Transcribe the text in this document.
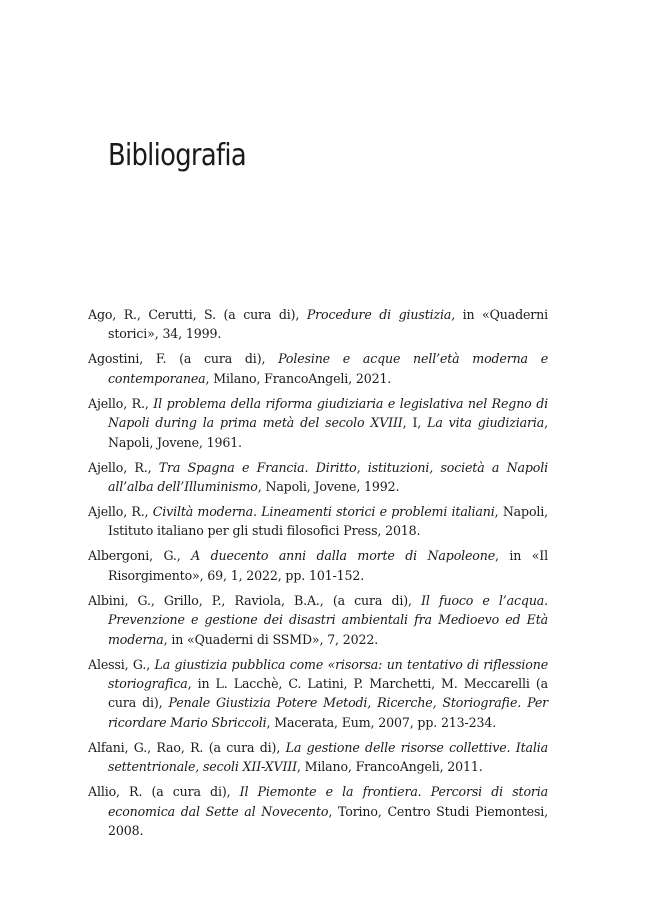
Bibliografia
Ago, R., Cerutti, S. (a cura di), Procedure di giustizia, in «Quaderni storici», 34, 1999.
Agostini, F. (a cura di), Polesine e acque nell’età moderna e contemporanea, Milano, FrancoAngeli, 2021.
Ajello, R., Il problema della riforma giudiziaria e legislativa nel Regno di Napoli during la prima metà del secolo XVIII, I, La vita giudiziaria, Napoli, Jovene, 1961.
Ajello, R., Tra Spagna e Francia. Diritto, istituzioni, società a Napoli all’alba dell’Illuminismo, Napoli, Jovene, 1992.
Ajello, R., Civiltà moderna. Lineamenti storici e problemi italiani, Napoli, Istituto italiano per gli studi filosofici Press, 2018.
Albergoni, G., A duecento anni dalla morte di Napoleone, in «Il Risorgimento», 69, 1, 2022, pp. 101-152.
Albini, G., Grillo, P., Raviola, B.A., (a cura di), Il fuoco e l’acqua. Prevenzione e gestione dei disastri ambientali fra Medioevo ed Età moderna, in «Quaderni di SSMD», 7, 2022.
Alessi, G., La giustizia pubblica come «risorsa: un tentativo di riflessione storiografica, in L. Lacchè, C. Latini, P. Marchetti, M. Meccarelli (a cura di), Penale Giustizia Potere Metodi, Ricerche, Storiografie. Per ricordare Mario Sbriccoli, Macerata, Eum, 2007, pp. 213-234.
Alfani, G., Rao, R. (a cura di), La gestione delle risorse collettive. Italia settentrionale, secoli XII-XVIII, Milano, FrancoAngeli, 2011.
Allio, R. (a cura di), Il Piemonte e la frontiera. Percorsi di storia economica dal Sette al Novecento, Torino, Centro Studi Piemontesi, 2008.
